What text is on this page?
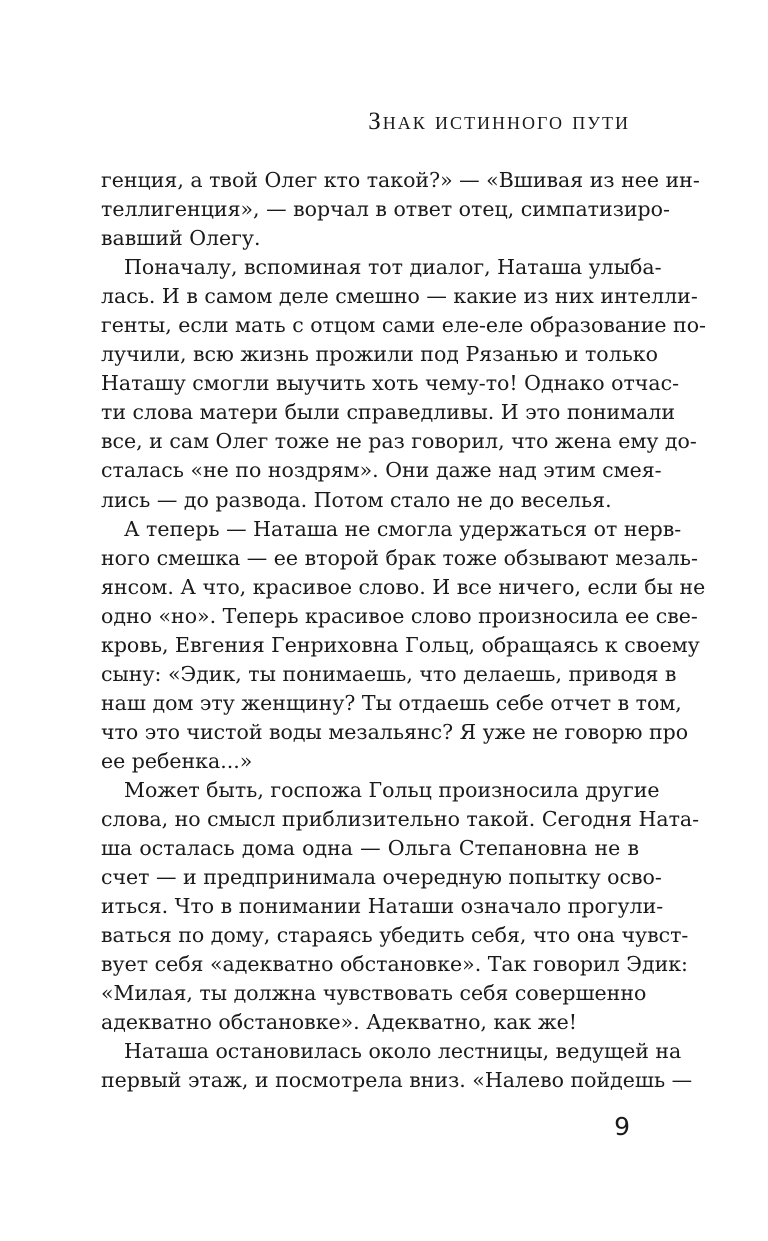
Знак истинного пути
генция, а твой Олег кто такой?» — «Вшивая из нее ин-
теллигенция», — ворчал в ответ отец, симпатизиро-
вавший Олегу.
Поначалу, вспоминая тот диалог, Наташа улыба-
лась. И в самом деле смешно — какие из них интелли-
генты, если мать с отцом сами еле-еле образование по-
лучили, всю жизнь прожили под Рязанью и только
Наташу смогли выучить хоть чему-то! Однако отчас-
ти слова матери были справедливы. И это понимали
все, и сам Олег тоже не раз говорил, что жена ему до-
сталась «не по ноздрям». Они даже над этим смея-
лись — до развода. Потом стало не до веселья.
А теперь — Наташа не смогла удержаться от нерв-
ного смешка — ее второй брак тоже обзывают мезаль-
янсом. А что, красивое слово. И все ничего, если бы не
одно «но». Теперь красивое слово произносила ее све-
кровь, Евгения Генриховна Гольц, обращаясь к своему
сыну: «Эдик, ты понимаешь, что делаешь, приводя в
наш дом эту женщину? Ты отдаешь себе отчет в том,
что это чистой воды мезальянс? Я уже не говорю про
ее ребенка...»
Может быть, госпожа Гольц произносила другие
слова, но смысл приблизительно такой. Сегодня Ната-
ша осталась дома одна — Ольга Степановна не в
счет — и предпринимала очередную попытку осво-
иться. Что в понимании Наташи означало прогули-
ваться по дому, стараясь убедить себя, что она чувст-
вует себя «адекватно обстановке». Так говорил Эдик:
«Милая, ты должна чувствовать себя совершенно
адекватно обстановке». Адекватно, как же!
Наташа остановилась около лестницы, ведущей на
первый этаж, и посмотрела вниз. «Налево пойдешь —
9
